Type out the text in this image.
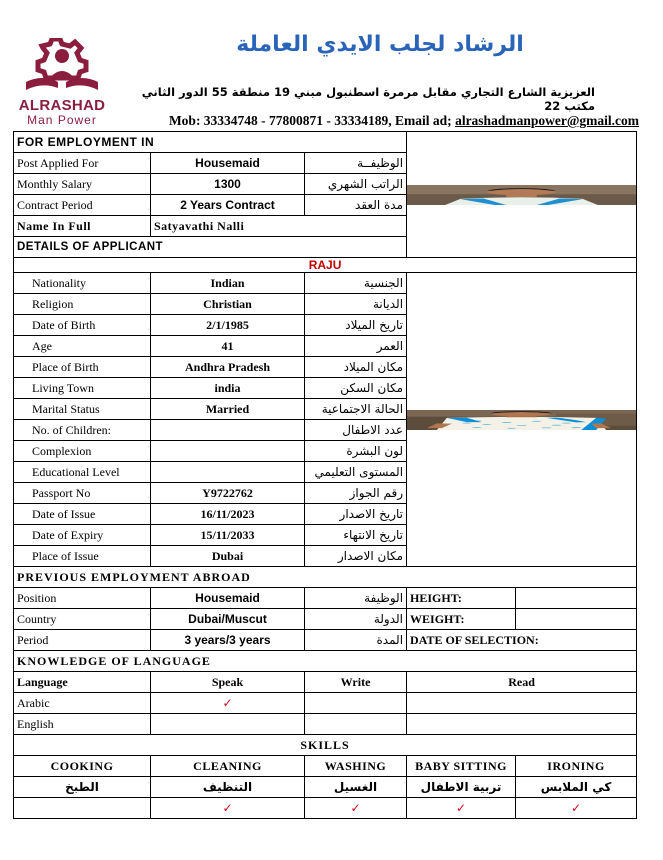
ALRASHAD
Man Power
الرشاد لجلب الايدي العاملة
العزيزية الشارع التجاري مقابل مرمرة اسطنبول مبني 19 منطقة 55 الدور الثاني مكتب 22
Mob: 33334748 - 77800871 - 33334189, Email ad; alrashadmanpower@gmail.com
FOR EMPLOYMENT IN	

Post Applied For	Housemaid	الوظيفــة		
Monthly Salary	1300	الراتب الشهري		
Contract Period	2 Years Contract	مدة العقد		
Name In Full	Satyavathi Nalli			
DETAILS OF APPLICANT				
RAJU				
Nationality	Indian	الجنسية	

Religion	Christian	الديانة		
Date of Birth	2/1/1985	تاريخ الميلاد		
Age	41	العمر		
Place of Birth	Andhra Pradesh	مكان الميلاد		
Living Town	india	مكان السكن		
Marital Status	Married	الحالة الاجتماعية		
No. of Children:		عدد الاطفال		
Complexion		لون البشرة		
Educational Level		المستوى التعليمي		
Passport No	Y9722762	رقم الجواز		
Date of Issue	16/11/2023	تاريخ الاصدار		
Date of Expiry	15/11/2033	تاريخ الانتهاء		
Place of Issue	Dubai	مكان الاصدار		
PREVIOUS EMPLOYMENT ABROAD				
Position	Housemaid	الوظيفة	HEIGHT:	
Country	Dubai/Muscut	الدولة	WEIGHT:	
Period	3 years/3 years	المدة	DATE OF SELECTION:	
KNOWLEDGE OF LANGUAGE				
Language	Speak	Write	Read	
Arabic	✓			
English				
SKILLS				
COOKING	CLEANING	WASHING	BABY SITTING	IRONING
الطبخ	التنظيف	الغسيل	تربية الاطفال	كي الملابس
	✓	✓	✓	✓
